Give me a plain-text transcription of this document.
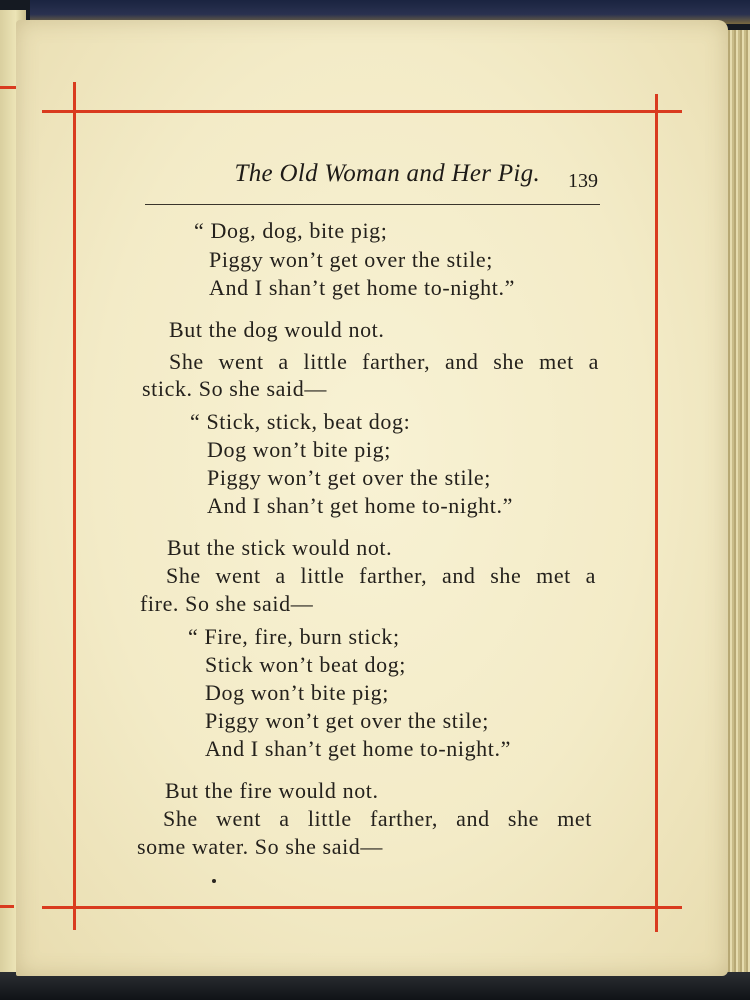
The Old Woman and Her Pig. 139
“ Dog, dog, bite pig;
Piggy won’t get over the stile;
And I shan’t get home to-night.”
But the dog would not.
She went a little farther, and she met a
stick. So she said—
“ Stick, stick, beat dog:
Dog won’t bite pig;
Piggy won’t get over the stile;
And I shan’t get home to-night.”
But the stick would not.
She went a little farther, and she met a
fire. So she said—
“ Fire, fire, burn stick;
Stick won’t beat dog;
Dog won’t bite pig;
Piggy won’t get over the stile;
And I shan’t get home to-night.”
But the fire would not.
She went a little farther, and she met
some water. So she said—
